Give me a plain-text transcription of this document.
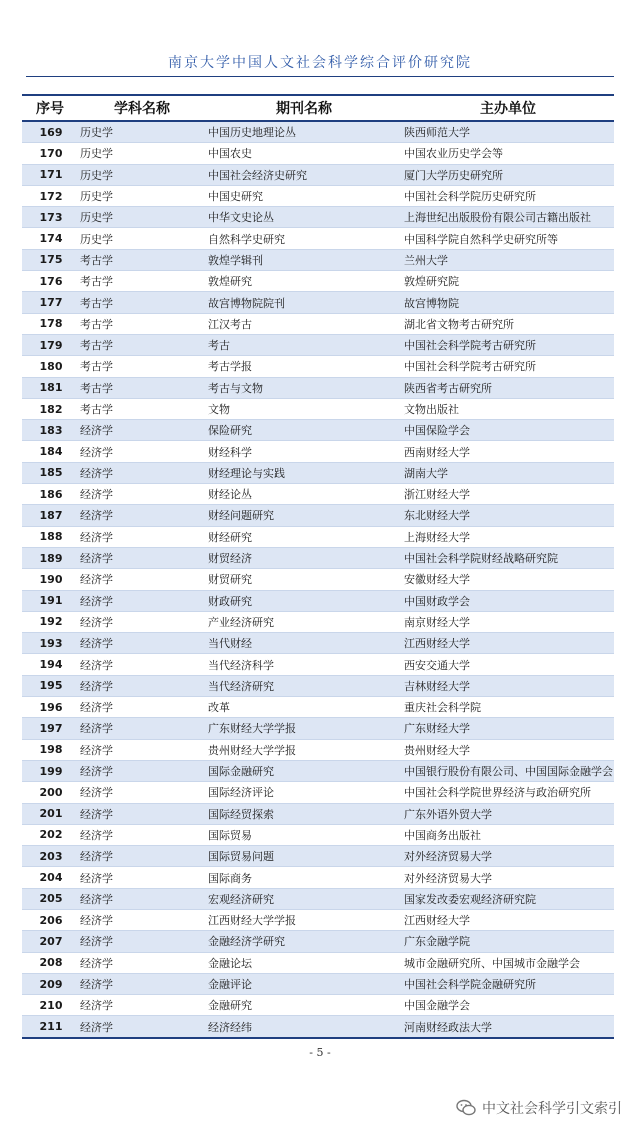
南京大学中国人文社会科学综合评价研究院
序号	学科名称	期刊名称	主办单位
169	历史学	中国历史地理论丛	陕西师范大学
170	历史学	中国农史	中国农业历史学会等
171	历史学	中国社会经济史研究	厦门大学历史研究所
172	历史学	中国史研究	中国社会科学院历史研究所
173	历史学	中华文史论丛	上海世纪出版股份有限公司古籍出版社
174	历史学	自然科学史研究	中国科学院自然科学史研究所等
175	考古学	敦煌学辑刊	兰州大学
176	考古学	敦煌研究	敦煌研究院
177	考古学	故宫博物院院刊	故宫博物院
178	考古学	江汉考古	湖北省文物考古研究所
179	考古学	考古	中国社会科学院考古研究所
180	考古学	考古学报	中国社会科学院考古研究所
181	考古学	考古与文物	陕西省考古研究所
182	考古学	文物	文物出版社
183	经济学	保险研究	中国保险学会
184	经济学	财经科学	西南财经大学
185	经济学	财经理论与实践	湖南大学
186	经济学	财经论丛	浙江财经大学
187	经济学	财经问题研究	东北财经大学
188	经济学	财经研究	上海财经大学
189	经济学	财贸经济	中国社会科学院财经战略研究院
190	经济学	财贸研究	安徽财经大学
191	经济学	财政研究	中国财政学会
192	经济学	产业经济研究	南京财经大学
193	经济学	当代财经	江西财经大学
194	经济学	当代经济科学	西安交通大学
195	经济学	当代经济研究	吉林财经大学
196	经济学	改革	重庆社会科学院
197	经济学	广东财经大学学报	广东财经大学
198	经济学	贵州财经大学学报	贵州财经大学
199	经济学	国际金融研究	中国银行股份有限公司、中国国际金融学会
200	经济学	国际经济评论	中国社会科学院世界经济与政治研究所
201	经济学	国际经贸探索	广东外语外贸大学
202	经济学	国际贸易	中国商务出版社
203	经济学	国际贸易问题	对外经济贸易大学
204	经济学	国际商务	对外经济贸易大学
205	经济学	宏观经济研究	国家发改委宏观经济研究院
206	经济学	江西财经大学学报	江西财经大学
207	经济学	金融经济学研究	广东金融学院
208	经济学	金融论坛	城市金融研究所、中国城市金融学会
209	经济学	金融评论	中国社会科学院金融研究所
210	经济学	金融研究	中国金融学会
211	经济学	经济经纬	河南财经政法大学
- 5 -
中文社会科学引文索引
